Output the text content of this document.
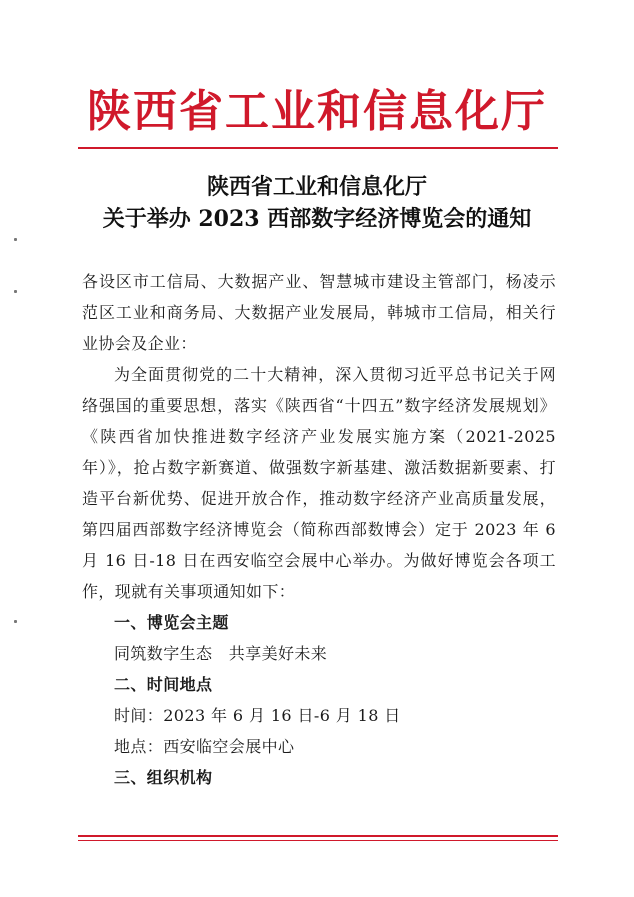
陕西省工业和信息化厅
陕西省工业和信息化厅
关于举办 2023 西部数字经济博览会的通知

各设区市工信局、大数据产业、智慧城市建设主管部门，杨凌示范区工业和商务局、大数据产业发展局，韩城市工信局，相关行业协会及企业：

为全面贯彻党的二十大精神，深入贯彻习近平总书记关于网络强国的重要思想，落实《陕西省“十四五”数字经济发展规划》《陕西省加快推进数字经济产业发展实施方案（2021-2025 年）》，抢占数字新赛道、做强数字新基建、激活数据新要素、打造平台新优势、促进开放合作，推动数字经济产业高质量发展，第四届西部数字经济博览会（简称西部数博会）定于 2023 年 6 月 16 日-18 日在西安临空会展中心举办。为做好博览会各项工作，现就有关事项通知如下：

一、博览会主题

同筑数字生态　共享美好未来

二、时间地点

时间：2023 年 6 月 16 日-6 月 18 日

地点：西安临空会展中心

三、组织机构
